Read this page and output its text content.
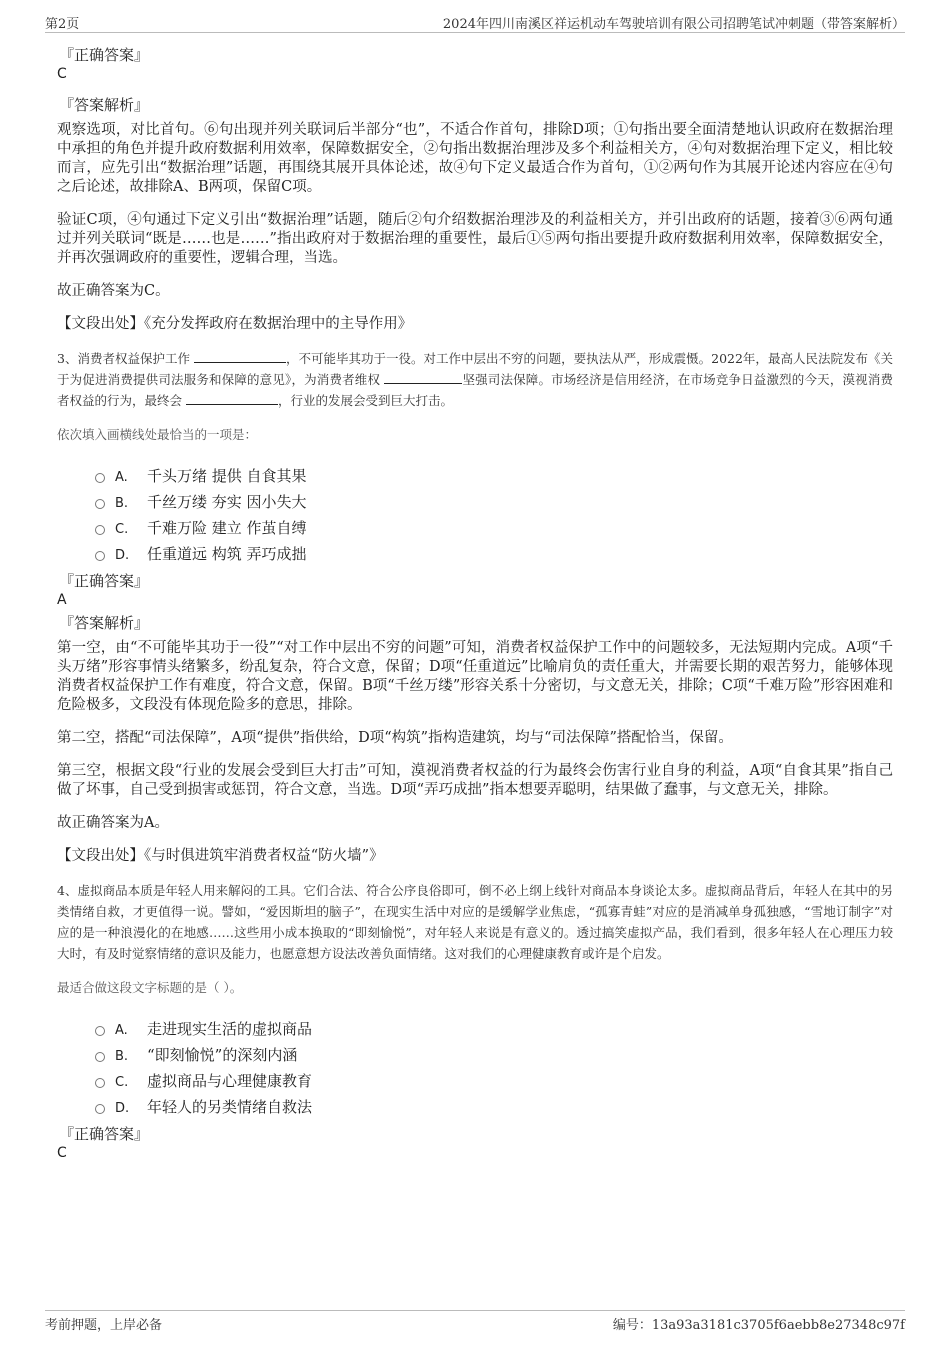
第2页	2024年四川南溪区祥运机动车驾驶培训有限公司招聘笔试冲刺题（带答案解析）
『正确答案』
C
『答案解析』

观察选项，对比首句。⑥句出现并列关联词后半部分“也”，不适合作首句，排除D项；①句指出要全面清楚地认识政府在数据治理中承担的角色并提升政府数据利用效率，保障数据安全，②句指出数据治理涉及多个利益相关方，④句对数据治理下定义，相比较而言，应先引出“数据治理”话题，再围绕其展开具体论述，故④句下定义最适合作为首句，①②两句作为其展开论述内容应在④句之后论述，故排除A、B两项，保留C项。

验证C项，④句通过下定义引出“数据治理”话题，随后②句介绍数据治理涉及的利益相关方，并引出政府的话题，接着③⑥两句通过并列关联词“既是……也是……”指出政府对于数据治理的重要性，最后①⑤两句指出要提升政府数据利用效率，保障数据安全，并再次强调政府的重要性，逻辑合理，当选。

故正确答案为C。

【文段出处】《充分发挥政府在数据治理中的主导作用》

3、消费者权益保护工作	，不可能毕其功于一役。对工作中层出不穷的问题，要执法从严，形成震慑。2022年，最高人民法院发布《关于为促进消费提供司法服务和保障的意见》，为消费者维权	坚强司法保障。市场经济是信用经济，在市场竞争日益激烈的今天，漠视消费者权益的行为，最终会	，行业的发展会受到巨大打击。

依次填入画横线处最恰当的一项是：
A. 千头万绪 提供 自食其果
B. 千丝万缕 夯实 因小失大
C. 千难万险 建立 作茧自缚
D. 任重道远 构筑 弄巧成拙
『正确答案』
A
『答案解析』

第一空，由“不可能毕其功于一役”“对工作中层出不穷的问题”可知，消费者权益保护工作中的问题较多，无法短期内完成。A项“千头万绪”形容事情头绪繁多，纷乱复杂，符合文意，保留；D项“任重道远”比喻肩负的责任重大，并需要长期的艰苦努力，能够体现消费者权益保护工作有难度，符合文意，保留。B项“千丝万缕”形容关系十分密切，与文意无关，排除；C项“千难万险”形容困难和危险极多，文段没有体现危险多的意思，排除。

第二空，搭配“司法保障”，A项“提供”指供给，D项“构筑”指构造建筑，均与“司法保障”搭配恰当，保留。

第三空，根据文段“行业的发展会受到巨大打击”可知，漠视消费者权益的行为最终会伤害行业自身的利益，A项“自食其果”指自己做了坏事，自己受到损害或惩罚，符合文意，当选。D项“弄巧成拙”指本想要弄聪明，结果做了蠢事，与文意无关，排除。

故正确答案为A。

【文段出处】《与时俱进筑牢消费者权益“防火墙”》

4、虚拟商品本质是年轻人用来解闷的工具。它们合法、符合公序良俗即可，倒不必上纲上线针对商品本身谈论太多。虚拟商品背后，年轻人在其中的另类情绪自救，才更值得一说。譬如，“爱因斯坦的脑子”，在现实生活中对应的是缓解学业焦虑，“孤寡青蛙”对应的是消减单身孤独感，“雪地订制字”对应的是一种浪漫化的在地感……这些用小成本换取的“即刻愉悦”，对年轻人来说是有意义的。透过搞笑虚拟产品，我们看到，很多年轻人在心理压力较大时，有及时觉察情绪的意识及能力，也愿意想方设法改善负面情绪。这对我们的心理健康教育或许是个启发。

最适合做这段文字标题的是（ ）。
A. 走进现实生活的虚拟商品
B. “即刻愉悦”的深刻内涵
C. 虚拟商品与心理健康教育
D. 年轻人的另类情绪自救法
『正确答案』
C
考前押题，上岸必备	编号：13a93a3181c3705f6aebb8e27348c97f
